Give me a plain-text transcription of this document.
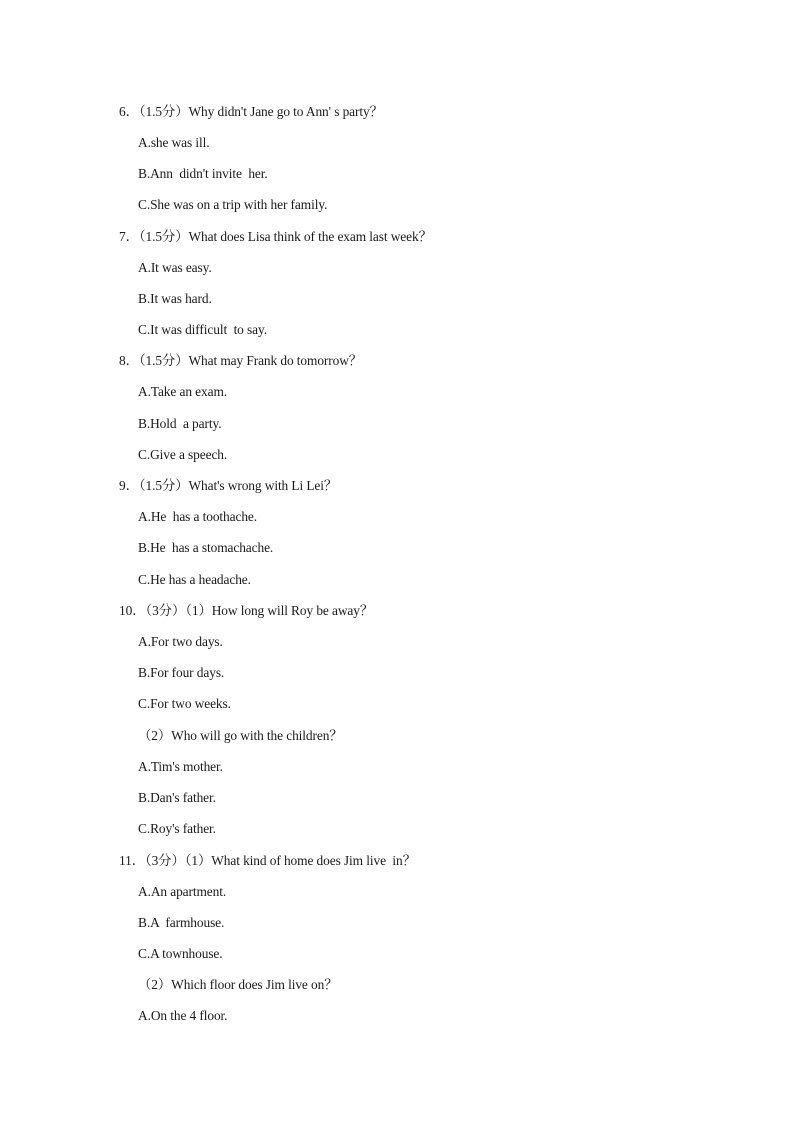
6．（1.5分）Why didn't Jane go to Ann' s party？
A.she was ill.
B.Ann  didn't invite  her.
C.She was on a trip with her family.
7．（1.5分）What does Lisa think of the exam last week？
A.It was easy.
B.It was hard.
C.It was difficult  to say.
8．（1.5分）What may Frank do tomorrow？
A.Take an exam.
B.Hold  a party.
C.Give a speech.
9．（1.5分）What's wrong with Li Lei？
A.He  has a toothache.
B.He  has a stomachache.
C.He has a headache.
10．（3分）（1）How long will Roy be away？
A.For two days.
B.For four days.
C.For two weeks.
（2）Who will go with the children？
A.Tim's mother.
B.Dan's father.
C.Roy's father.
11．（3分）（1）What kind of home does Jim live  in？
A.An apartment.
B.A  farmhouse.
C.A townhouse.
（2）Which floor does Jim live on？
A.On the 4 floor.
